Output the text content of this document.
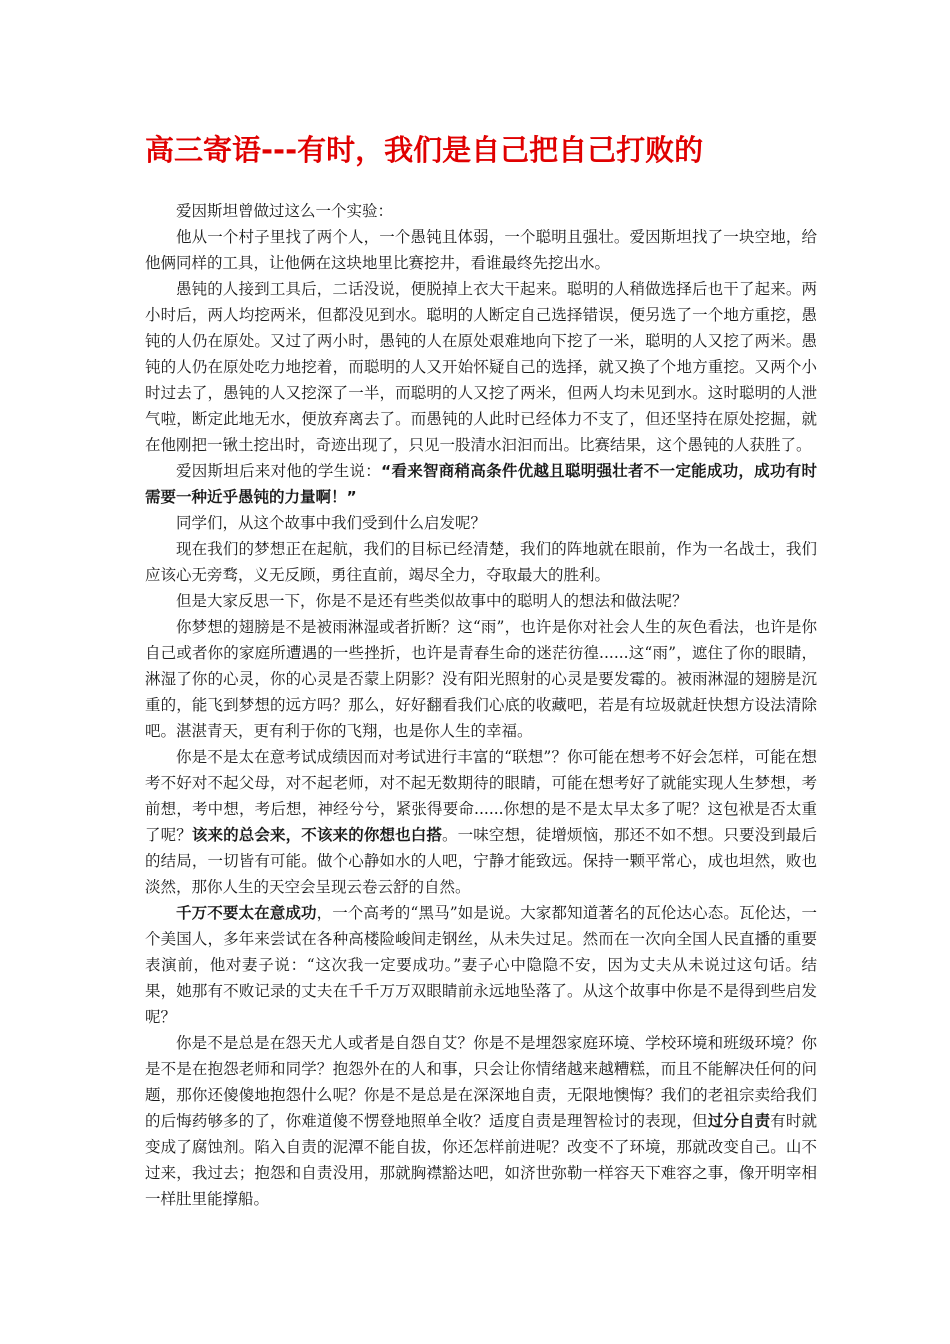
高三寄语---有时，我们是自己把自己打败的

爱因斯坦曾做过这么一个实验：

他从一个村子里找了两个人，一个愚钝且体弱，一个聪明且强壮。爱因斯坦找了一块空地，给他俩同样的工具，让他俩在这块地里比赛挖井，看谁最终先挖出水。

愚钝的人接到工具后，二话没说，便脱掉上衣大干起来。聪明的人稍做选择后也干了起来。两小时后，两人均挖两米，但都没见到水。聪明的人断定自己选择错误，便另选了一个地方重挖，愚钝的人仍在原处。又过了两小时，愚钝的人在原处艰难地向下挖了一米，聪明的人又挖了两米。愚钝的人仍在原处吃力地挖着，而聪明的人又开始怀疑自己的选择，就又换了个地方重挖。又两个小时过去了，愚钝的人又挖深了一半，而聪明的人又挖了两米，但两人均未见到水。这时聪明的人泄气啦，断定此地无水，便放弃离去了。而愚钝的人此时已经体力不支了，但还坚持在原处挖掘，就在他刚把一锹土挖出时，奇迹出现了，只见一股清水汩汩而出。比赛结果，这个愚钝的人获胜了。

爱因斯坦后来对他的学生说：“看来智商稍高条件优越且聪明强壮者不一定能成功，成功有时需要一种近乎愚钝的力量啊！”

同学们，从这个故事中我们受到什么启发呢？

现在我们的梦想正在起航，我们的目标已经清楚，我们的阵地就在眼前，作为一名战士，我们应该心无旁骛，义无反顾，勇往直前，竭尽全力，夺取最大的胜利。

但是大家反思一下，你是不是还有些类似故事中的聪明人的想法和做法呢？

你梦想的翅膀是不是被雨淋湿或者折断？这“雨”，也许是你对社会人生的灰色看法，也许是你自己或者你的家庭所遭遇的一些挫折，也许是青春生命的迷茫彷徨......这“雨”，遮住了你的眼睛，淋湿了你的心灵，你的心灵是否蒙上阴影？没有阳光照射的心灵是要发霉的。被雨淋湿的翅膀是沉重的，能飞到梦想的远方吗？那么，好好翻看我们心底的收藏吧，若是有垃圾就赶快想方设法清除吧。湛湛青天，更有利于你的飞翔，也是你人生的幸福。

你是不是太在意考试成绩因而对考试进行丰富的“联想”？你可能在想考不好会怎样，可能在想考不好对不起父母，对不起老师，对不起无数期待的眼睛，可能在想考好了就能实现人生梦想，考前想，考中想，考后想，神经兮兮，紧张得要命......你想的是不是太早太多了呢？这包袱是否太重了呢？该来的总会来，不该来的你想也白搭。一味空想，徒增烦恼，那还不如不想。只要没到最后的结局，一切皆有可能。做个心静如水的人吧，宁静才能致远。保持一颗平常心，成也坦然，败也淡然，那你人生的天空会呈现云卷云舒的自然。

千万不要太在意成功，一个高考的“黑马”如是说。大家都知道著名的瓦伦达心态。瓦伦达，一个美国人，多年来尝试在各种高楼险峻间走钢丝，从未失过足。然而在一次向全国人民直播的重要表演前，他对妻子说：“这次我一定要成功。”妻子心中隐隐不安，因为丈夫从未说过这句话。结果，她那有不败记录的丈夫在千千万万双眼睛前永远地坠落了。从这个故事中你是不是得到些启发呢？

你是不是总是在怨天尤人或者是自怨自艾？你是不是埋怨家庭环境、学校环境和班级环境？你是不是在抱怨老师和同学？抱怨外在的人和事，只会让你情绪越来越糟糕，而且不能解决任何的问题，那你还傻傻地抱怨什么呢？你是不是总是在深深地自责，无限地懊悔？我们的老祖宗卖给我们的后悔药够多的了，你难道傻不愣登地照单全收？适度自责是理智检讨的表现，但过分自责有时就变成了腐蚀剂。陷入自责的泥潭不能自拔，你还怎样前进呢？改变不了环境，那就改变自己。山不过来，我过去；抱怨和自责没用，那就胸襟豁达吧，如济世弥勒一样容天下难容之事，像开明宰相一样肚里能撑船。
